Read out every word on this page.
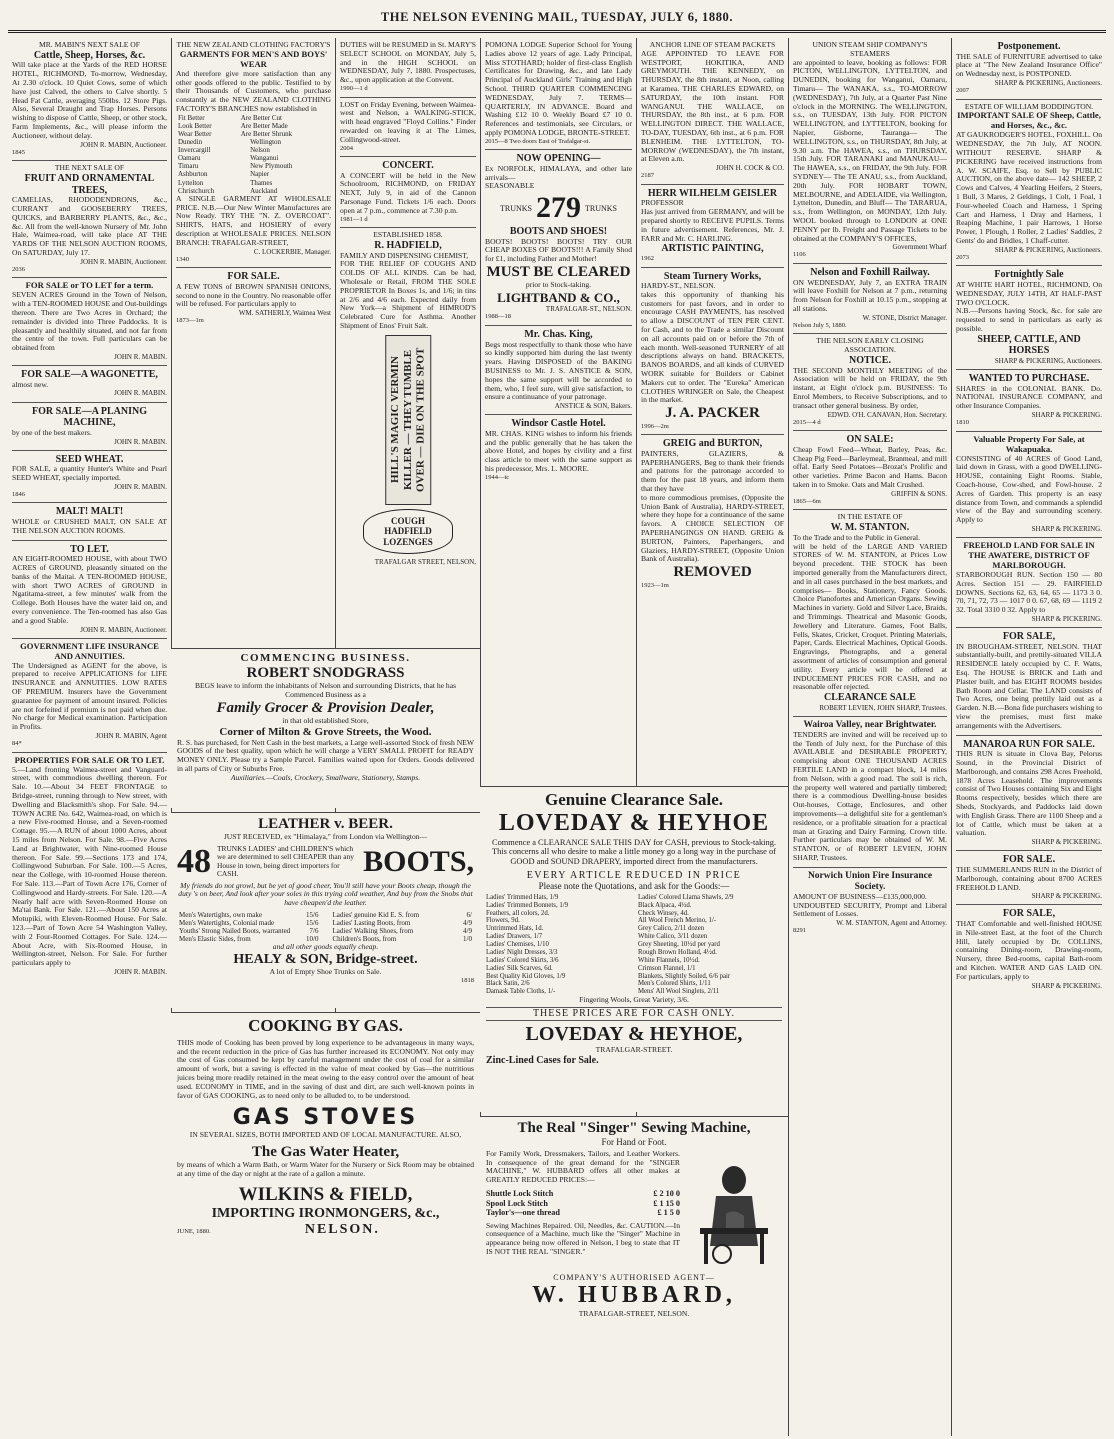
THE NELSON EVENING MAIL, TUESDAY, JULY 6, 1880.
MR. MABIN'S NEXT SALE OF
Cattle, Sheep, Horses, &c.
Will take place at the Yards of the RED HORSE HOTEL, RICHMOND, To-morrow, Wednesday, At 2.30 o'clock. 10 Quiet Cows, some of which have just Calved, the others to Calve shortly. 5 Head Fat Cattle, averaging 550lbs. 12 Store Pigs. Also, Several Draught and Trap Horses. Persons wishing to dispose of Cattle, Sheep, or other stock, Farm Implements, &c., will please inform the Auctioneer, without delay.
JOHN R. MABIN, Auctioneer.
1845
THE NEXT SALE OF
FRUIT AND ORNAMENTAL TREES,
CAMELIAS, RHODODENDRONS, &c., CURRANT and GOOSEBERRY TREES, QUICKS, and BARBERRY PLANTS, &c., &c., &c. All from the well-known Nursery of Mr. John Hale, Waimea-road, will take place AT THE YARDS OF THE NELSON AUCTION ROOMS, On SATURDAY, July 17.
JOHN R. MABIN, Auctioneer.
2036
FOR SALE or TO LET for a term.
SEVEN ACRES Ground in the Town of Nelson, with a TEN-ROOMED HOUSE and Out-buildings thereon. There are Two Acres in Orchard; the remainder is divided into Three Paddocks. It is pleasantly and healthily situated, and not far from the centre of the town. Full particulars can be obtained from
JOHN R. MABIN.
FOR SALE—A WAGONETTE,
almost new.
JOHN R. MABIN.
FOR SALE—A PLANING MACHINE,
by one of the best makers.
JOHN R. MABIN.
SEED WHEAT.
FOR SALE, a quantity Hunter's White and Pearl SEED WHEAT, specially imported.
JOHN R. MABIN.
1846
MALT! MALT!
WHOLE or CRUSHED MALT, ON SALE AT THE NELSON AUCTION ROOMS.
TO LET.
AN EIGHT-ROOMED HOUSE, with about TWO ACRES of GROUND, pleasantly situated on the banks of the Maitai. A TEN-ROOMED HOUSE, with short TWO ACRES of GROUND in Ngatitama-street, a few minutes' walk from the College. Both Houses have the water laid on, and every convenience. The Ten-roomed has also Gas and a good Stable.
JOHN R. MABIN, Auctioneer.
GOVERNMENT LIFE INSURANCE AND ANNUITIES.
The Undersigned as AGENT for the above, is prepared to receive APPLICATIONS for LIFE INSURANCE and ANNUITIES. LOW RATES OF PREMIUM. Insurers have the Government guarantee for payment of amount insured. Policies are not forfeited if premium is not paid when due. No charge for Medical examination. Participation in Profits.
JOHN R. MABIN, Agent
84*
PROPERTIES FOR SALE OR TO LET.
5.—Land fronting Waimea-street and Vanguard-street, with commodious dwelling thereon. For Sale. 10.—About 34 FEET FRONTAGE to Bridge-street, running through to New street, with Dwelling and Blacksmith's shop. For Sale. 94.—TOWN ACRE No. 642, Waimea-road, on which is a new Five-roomed House, and a Seven-roomed Cottage. 95.—A RUN of about 1000 Acres, about 15 miles from Nelson. For Sale. 98.—Five Acres Land at Brightwater, with Nine-roomed House thereon. For Sale. 99.—Sections 173 and 174, Collingwood Suburban. For Sale. 100.—5 Acres, near the College, with 10-roomed House thereon. For Sale. 113.—Part of Town Acre 176, Corner of Collingwood and Hardy-streets. For Sale. 120.—A Nearly half acre with Seven-Roomed House on Ma'tai Bank. For Sale. 121.—About 150 Acres at Motupiki, with Eleven-Roomed House. For Sale. 123.—Part of Town Acre 54 Washington Valley, with 2 Four-Roomed Cottages. For Sale. 124.—About Acre, with Six-Roomed House, in Wellington-street, Nelson. For Sale. For further particulars apply to
JOHN R. MABIN.
THE NEW ZEALAND CLOTHING FACTORY'S
GARMENTS FOR MEN'S AND BOYS' WEAR
And therefore give more satisfaction than any other goods offered to the public. Testified to by their Thousands of Customers, who purchase constantly at the NEW ZEALAND CLOTHING FACTORY'S BRANCHES now established in
Fit Better	Are Better Cut
Look Better	Are Better Made
Wear Better	Are Better Shrunk
Dunedin	Wellington
Invercargill	Nelson
Oamaru	Wanganui
Timaru	New Plymouth
Ashburton	Napier
Lyttelton	Thames
Christchurch	Auckland
A SINGLE GARMENT AT WHOLESALE PRICE. N.B.—Our New Winter Manufactures are Now Ready. TRY THE "N. Z. OVERCOAT". SHIRTS, HATS, and HOSIERY of every description at WHOLESALE PRICES. NELSON BRANCH: TRAFALGAR-STREET,
C. LOCKERBIE, Manager.
1340
FOR SALE.
A FEW TONS of BROWN SPANISH ONIONS, second to none in the Country. No reasonable offer will be refused. For particulars apply to
WM. SATHERLY, Waimea West
1873—1m
DUTIES will be RESUMED in St. MARY'S SELECT SCHOOL on MONDAY, July 5, and in the HIGH SCHOOL on WEDNESDAY, July 7, 1880. Prospectuses, &c., upon application at the Convent.
1990—1 d
LOST on Friday Evening, between Waimea-west and Nelson, a WALKING-STICK, with head engraved "Floyd Collins." Finder rewarded on leaving it at The Limes, Collingwood-street.
2004
CONCERT.
A CONCERT will be held in the New Schoolroom, RICHMOND, on FRIDAY NEXT, July 9, in aid of the Cannon Parsonage Fund. Tickets 1/6 each. Doors open at 7 p.m., commence at 7.30 p.m.
1981—1 d
ESTABLISHED 1858.
R. HADFIELD,
FAMILY AND DISPENSING CHEMIST,
FOR THE RELIEF OF COUGHS AND COLDS OF ALL KINDS. Can be had, Wholesale or Retail, FROM THE SOLE PROPRIETOR In Boxes 1s, and 1/6; in tins at 2/6 and 4/6 each. Expected daily from New York—a Shipment of HIMROD'S Celebrated Cure for Asthma. Another Shipment of Enos' Fruit Salt.
HILL'S MAGIC VERMIN KILLER — THEY TUMBLE OVER — DIE ON THE SPOT
COUGH HADFIELD LOZENGES
TRAFALGAR STREET, NELSON,
POMONA LODGE Superior School for Young Ladies above 12 years of age. Lady Principal, Miss STOTHARD; holder of first-class English Certificates for Drawing, &c., and late Lady Principal of Auckland Girls' Training and High School. THIRD QUARTER COMMENCING WEDNESDAY, July 7. TERMS—QUARTERLY, IN ADVANCE. Board and Washing £12 10 0. Weekly Board £7 10 0. References and testimonials, see Circulars, or apply POMONA LODGE, BRONTE-STREET.
2015—8 Two doors East of Trafalgar-st.
NOW OPENING—
Ex NORFOLK, HIMALAYA, and other late arrivals—
SEASONABLE
TRUNKS 279 TRUNKS
BOOTS AND SHOES!
BOOTS! BOOTS! BOOTS! TRY OUR CHEAP BOXES OF BOOTS!!! A Family Shod for £1, including Father and Mother!
MUST BE CLEARED
prior to Stock-taking.
LIGHTBAND & CO.,
TRAFALGAR-ST., NELSON.
1988—18
Mr. Chas. King,
Begs most respectfully to thank those who have so kindly supported him during the last twenty years. Having DISPOSED of the BAKING BUSINESS to Mr. J. S. ANSTICE & SON, hopes the same support will be accorded to them, who, I feel sure, will give satisfaction, to ensure a continuance of your patronage.
ANSTICE & SON, Bakers.
Windsor Castle Hotel.
MR. CHAS. KING wishes to inform his friends and the public generally that he has taken the above Hotel, and hopes by civility and a first class article to meet with the same support as his predecessor, Mrs. L. MOORE.
1944—tc
ANCHOR LINE OF STEAM PACKETS
AGE APPOINTED TO LEAVE FOR WESTPORT, HOKITIKA, AND GREYMOUTH. THE KENNEDY, on THURSDAY, the 8th instant, at Noon, calling at Karamea. THE CHARLES EDWARD, on SATURDAY, the 10th instant. FOR WANGANUI. THE WALLACE, on THURSDAY, the 8th inst., at 6 p.m. FOR WELLINGTON DIRECT. THE WALLACE, TO-DAY, TUESDAY, 6th inst., at 6 p.m. FOR BLENHEIM. THE LYTTELTON, TO-MORROW (WEDNESDAY), the 7th instant, at Eleven a.m.
JOHN H. COCK & CO.
2187
HERR WILHELM GEISLER
PROFESSOR
Has just arrived from GERMANY, and will be prepared shortly to RECEIVE PUPILS. Terms in future advertisement. References, Mr. J. FARR and Mr. C. HARLING.
ARTISTIC PAINTING,
1962
Steam Turnery Works,
HARDY-ST., NELSON.
takes this opportunity of thanking his customers for past favors, and in order to encourage CASH PAYMENTS, has resolved to allow a DISCOUNT of TEN PER CENT. for Cash, and to the Trade a similar Discount on all accounts paid on or before the 7th of each month. Well-seasoned TURNERY of all descriptions always on hand. BRACKETS, BANOS BOARDS, and all kinds of CURVED WORK suitable for Builders or Cabinet Makers cut to order. The "Eureka" American CLOTHES WRINGER on Sale, the Cheapest in the market.
J. A. PACKER
1996—2m
GREIG and BURTON,
PAINTERS, GLAZIERS, & PAPERHANGERS, Beg to thank their friends and patrons for the patronage accorded to them for the past 18 years, and inform them that they have
to more commodious premises, (Opposite the Union Bank of Australia), HARDY-STREET, where they hope for a continuance of the same favors. A CHOICE SELECTION OF PAPERHANGINGS ON HAND. GREIG & BURTON, Painters, Paperhangers, and Glaziers, HARDY-STREET, (Opposite Union Bank of Australia).
REMOVED
1923—1m
UNION STEAM SHIP COMPANY'S STEAMERS
are appointed to leave, booking as follows: FOR PICTON, WELLINGTON, LYTTELTON, and DUNEDIN, booking for Wanganui, Oamaru, Timaru— The WANAKA, s.s., TO-MORROW (WEDNESDAY), 7th July, at a Quarter Past Nine o'clock in the MORNING. The WELLINGTON, s.s., on TUESDAY, 13th July. FOR PICTON WELLINGTON, and LYTTELTON, booking for Napier, Gisborne, Tauranga— The WELLINGTON, s.s., on THURSDAY, 8th July, at 9.30 a.m. The HAWEA, s.s., on THURSDAY, 15th July. FOR TARANAKI and MANUKAU— The HAWEA, s.s., on FRIDAY, the 9th July. FOR SYDNEY— The TE ANAU, s.s., from Auckland, 20th July. FOR HOBART TOWN, MELBOURNE, and ADELAIDE, via Wellington, Lyttelton, Dunedin, and Bluff— The TARARUA, s.s., from Wellington, on MONDAY, 12th July. WOOL booked through to LONDON at ONE PENNY per lb. Freight and Passage Tickets to be obtained at the COMPANY'S OFFICES,
Government Wharf
1106
Nelson and Foxhill Railway.
ON WEDNESDAY, July 7, an EXTRA TRAIN will leave Foxhill for Nelson at 7 p.m., returning from Nelson for Foxhill at 10.15 p.m., stopping at all stations.
W. STONE, District Manager.
Nelson July 5, 1880.
THE NELSON EARLY CLOSING ASSOCIATION.
NOTICE.
THE SECOND MONTHLY MEETING of the Association will be held on FRIDAY, the 9th instant, at Eight o'clock p.m. BUSINESS: To Enrol Members, to Receive Subscriptions, and to transact other general business. By order,
EDWD. O'H. CANAVAN, Hon. Secretary.
2015—4 d
ON SALE:
Cheap Fowl Feed—Wheat, Barley, Peas, &c. Cheap Pig Feed—Barleymeal, Branmeal, and mill offal. Early Seed Potatoes—Brozat's Prolific and other varieties. Prime Bacon and Hams. Bacon taken in to Smoke. Oats and Malt Crushed.
GRIFFIN & SONS.
1865—6m
IN THE ESTATE OF
W. M. STANTON.
To the Trade and to the Public in General.
will be held of the LARGE AND VARIED STORES of W. M. STANTON, at Prices Low beyond precedent. THE STOCK has been imported generally from the Manufacturers direct, and in all cases purchased in the best markets, and comprises— Books, Stationery, Fancy Goods. Choice Pianofortes and American Organs. Sewing Machines in variety. Gold and Silver Lace, Braids, and Trimmings. Theatrical and Masonic Goods, Jewellery and Literature. Games, Foot Balls, Fells, Skates, Cricket, Croquet. Printing Materials, Paper, Cards. Electrical Machines, Optical Goods. Engravings, Photographs, and a general assortment of articles of consumption and general utility. Every article will be offered at INDUCEMENT PRICES FOR CASH, and no reasonable offer rejected.
CLEARANCE SALE
ROBERT LEVIEN, JOHN SHARP, Trustees.
Wairoa Valley, near Brightwater.
TENDERS are invited and will be received up to the Tenth of July next, for the Purchase of this AVAILABLE and DESIRABLE PROPERTY, comprising about ONE THOUSAND ACRES FERTILE LAND in a compact block, 14 miles from Nelson, with a good road. The soil is rich, the property well watered and partially timbered; there is a commodious Dwelling-house besides Out-houses, Cottage, Enclosures, and other improvements—a delightful site for a gentleman's residence, or a profitable situation for a practical man at Grazing and Dairy Farming. Crown title. Further particulars may be obtained of W. M. STANTON, or of ROBERT LEVIEN, JOHN SHARP, Trustees.
Norwich Union Fire Insurance Society.
AMOUNT OF BUSINESS—£135,000,000.
UNDOUBTED SECURITY, Prompt and Liberal Settlement of Losses.
W. M. STANTON, Agent and Attorney.
8291
Postponement.
THE SALE of FURNITURE advertised to take place at "The New Zealand Insurance Office" on Wednesday next, is POSTPONED.
SHARP & PICKERING, Auctioneers.
2007
ESTATE OF WILLIAM BODDINGTON.
IMPORTANT SALE OF Sheep, Cattle, and Horses, &c., &c.
AT GAUKRODGER'S HOTEL, FOXHILL. On WEDNESDAY, the 7th July, AT NOON. WITHOUT RESERVE. SHARP & PICKERING have received instructions from A. W. SCAIFE, Esq. to Sell by PUBLIC AUCTION, on the above date— 142 SHEEP, 2 Cows and Calves, 4 Yearling Heifers, 2 Steers, 1 Bull, 3 Mares, 2 Geldings, 1 Colt, 1 Foal, 1 Four-wheeled Coach and Harness, 1 Spring Cart and Harness, 1 Dray and Harness, 1 Reaping Machine, 1 pair Harrows, 1 Horse Power, 1 Plough, 1 Roller, 2 Ladies' Saddles, 2 Gents' do and Bridles, 1 Chaff-cutter.
SHARP & PICKERING, Auctioneers.
2073
Fortnightly Sale
AT WHITE HART HOTEL, RICHMOND, On WEDNESDAY, JULY 14TH, AT HALF-PAST TWO O'CLOCK.
N.B.—Persons having Stock, &c. for sale are requested to send in particulars as early as possible.
SHEEP, CATTLE, AND HORSES
SHARP & PICKERING, Auctioneers.
WANTED TO PURCHASE.
SHARES in the COLONIAL BANK. Do. NATIONAL INSURANCE COMPANY, and other Insurance Companies.
SHARP & PICKERING.
1810
Valuable Property For Sale, at Wakapuaka.
CONSISTING of 40 ACRES of Good Land, laid down in Grass, with a good DWELLING-HOUSE, containing Eight Rooms. Stable, Coach-house, Cow-shed, and Fowl-house. 2 Acres of Garden. This property is an easy distance from Town, and commands a splendid view of the Bay and surrounding scenery. Apply to
SHARP & PICKERING.
FREEHOLD LAND FOR SALE IN THE AWATERE, DISTRICT OF MARLBOROUGH.
STARBOROUGH RUN. Section 150 — 80 Acres. Section 151 — 29. FAIRFIELD DOWNS. Sections 62, 63, 64, 65 — 1173 3 0. 70, 71, 72, 73 — 1017 0 0. 67, 68, 69 — 1119 2 32. Total 3310 0 32. Apply to
SHARP & PICKERING.
FOR SALE,
IN BROUGHAM-STREET, NELSON. THAT substantially-built, and prettily-situated VILLA RESIDENCE lately occupied by C. F. Watts, Esq. The HOUSE is BRICK and Lath and Plaster built, and has EIGHT ROOMS besides Bath Room and Cellar. The LAND consists of Two Acres, one being prettily laid out as a Garden. N.B.—Bona fide purchasers wishing to view the premises, must first make arrangements with the Advertisers.
MANAROA RUN FOR SALE.
THIS RUN is situate in Clova Bay, Pelorus Sound, in the Provincial District of Marlborough, and contains 298 Acres Freehold, 1878 Acres Leasehold. The improvements consist of Two Houses containing Six and Eight Rooms respectively, besides which there are Sheds, Stockyards, and Paddocks laid down with English Grass. There are 1100 Sheep and a lot of Cattle, which must be taken at a valuation.
SHARP & PICKERING.
FOR SALE.
THE SUMMERLANDS RUN in the District of Marlborough, containing about 8700 ACRES FREEHOLD LAND.
SHARP & PICKERING.
FOR SALE,
THAT Comfortable and well-finished HOUSE in Nile-street East, at the foot of the Church Hill, lately occupied by Dr. COLLINS, containing Dining-room, Drawing-room, Nursery, three Bed-rooms, capital Bath-room and Kitchen. WATER AND GAS LAID ON. For particulars, apply to
SHARP & PICKERING.
COMMENCING BUSINESS.
ROBERT SNODGRASS
BEGS leave to inform the inhabitants of Nelson and surrounding Districts, that he has Commenced Business as a
Family Grocer & Provision Dealer,
in that old established Store,
Corner of Milton & Grove Streets, the Wood.
R. S. has purchased, for Nett Cash in the best markets, a Large well-assorted Stock of fresh NEW GOODS of the best quality, upon which he will charge a VERY SMALL PROFIT for READY MONEY ONLY. Please try a Sample Parcel. Families waited upon for Orders. Goods delivered in all parts of City or Suburbs Free.
Auxiliaries.—Coals, Crockery, Smallware, Stationery, Stamps.
LEATHER v. BEER.
JUST RECEIVED, ex "Himalaya," from London via Wellington—
48 TRUNKS LADIES' and CHILDREN'S which we are determined to sell CHEAPER than any House in town, being direct importers for CASH.	BOOTS,
My friends do not growl, but be yet of good cheer, You'll still have your Boots cheap, though the duty 's on beer, And look after your soles in this trying cold weather, And buy from the Snobs that have cheapen'd the leather.
Men's Watertights, own make	15/6
Men's Watertights, Colonial made	15/6
Youths' Strong Nailed Boots, warranted	7/6
Men's Elastic Sides, from	10/0
Ladies' genuine Kid E. S. from	6/
Ladies' Lasting Boots, from	4/9
Ladies' Walking Shoes, from	4/9
Children's Boots, from	1/0
and all other goods equally cheap.
HEALY & SON, Bridge-street.
A lot of Empty Shoe Trunks on Sale.
1818
COOKING BY GAS.
THIS mode of Cooking has been proved by long experience to be advantageous in many ways, and the recent reduction in the price of Gas has further increased its ECONOMY. Not only may the cost of Gas consumed be kept by careful management under the cost of coal for a similar amount of work, but a saving is effected in the value of meat cooked by Gas—the nutritious juices being more readily retained in the meat owing to the easy control over the amount of heat used. ECONOMY in TIME, and in the saving of dust and dirt, are such well-known points in favor of GAS COOKING, as to need only to be alluded to, to be understood.
GAS STOVES
IN SEVERAL SIZES, BOTH IMPORTED AND OF LOCAL MANUFACTURE. ALSO,
The Gas Water Heater,
by means of which a Warm Bath, or Warm Water for the Nursery or Sick Room may be obtained at any time of the day or night at the rate of a gallon a minute.
WILKINS & FIELD,
IMPORTING IRONMONGERS, &c.,
JUNE, 1880.	NELSON.
Genuine Clearance Sale.
LOVEDAY & HEYHOE
Commence a CLEARANCE SALE THIS DAY for CASH, previous to Stock-taking. This concerns all who desire to make a little money go a long way in the purchase of GOOD and SOUND DRAPERY, imported direct from the manufacturers.
EVERY ARTICLE REDUCED IN PRICE
Please note the Quotations, and ask for the Goods:—
Ladies' Trimmed Hats, 1/9
Ladies' Trimmed Bonnets, 1/9
Feathers, all colors, 2d.
Flowers, 9d.
Untrimmed Hats, 1d.
Ladies' Drawers, 1/7
Ladies' Chemises, 1/10
Ladies' Night Dresses, 3/3
Ladies' Colored Skirts, 3/6
Ladies' Silk Scarves, 6d.
Best Quality Kid Gloves, 1/9
Black Satin, 2/6
Damask Table Cloths, 1/-
Ladies' Colored Llama Shawls, 2/9
Black Alpaca, 4½d.
Check Winsey, 4d.
All Wool French Merino, 1/-
Grey Calico, 2/11 dozen
White Calico, 3/11 dozen
Grey Sheeting, 10½d per yard
Rough Brown Holland, 4½d.
White Flannels, 10½d.
Crimson Flannel, 1/1
Blankets, Slightly Soiled, 6/6 pair
Men's Colored Shirts, 1/11
Mens' All Wool Singlets, 2/11
Fingering Wools, Great Variety, 3/6.
THESE PRICES ARE FOR CASH ONLY.
LOVEDAY & HEYHOE,
TRAFALGAR-STREET.
Zinc-Lined Cases for Sale.
The Real "Singer" Sewing Machine,
For Hand or Foot.
For Family Work, Dressmakers, Tailors, and Leather Workers. In consequence of the great demand for the "SINGER MACHINE," W. HUBBARD offers all other makes at GREATLY REDUCED PRICES:—
Shuttle Lock Stitch	£ 2 10 0
Spool Lock Stitch	£ 1 15 0
Taylor's—one thread	£ 1 5 0
Sewing Machines Repaired. Oil, Needles, &c. CAUTION.—In consequence of a Machine, much like the "Singer" Machine in appearance being now offered in Nelson, I beg to state that IT IS NOT THE REAL "SINGER."
COMPANY'S AUTHORISED AGENT—
W. HUBBARD,
TRAFALGAR-STREET, NELSON.
